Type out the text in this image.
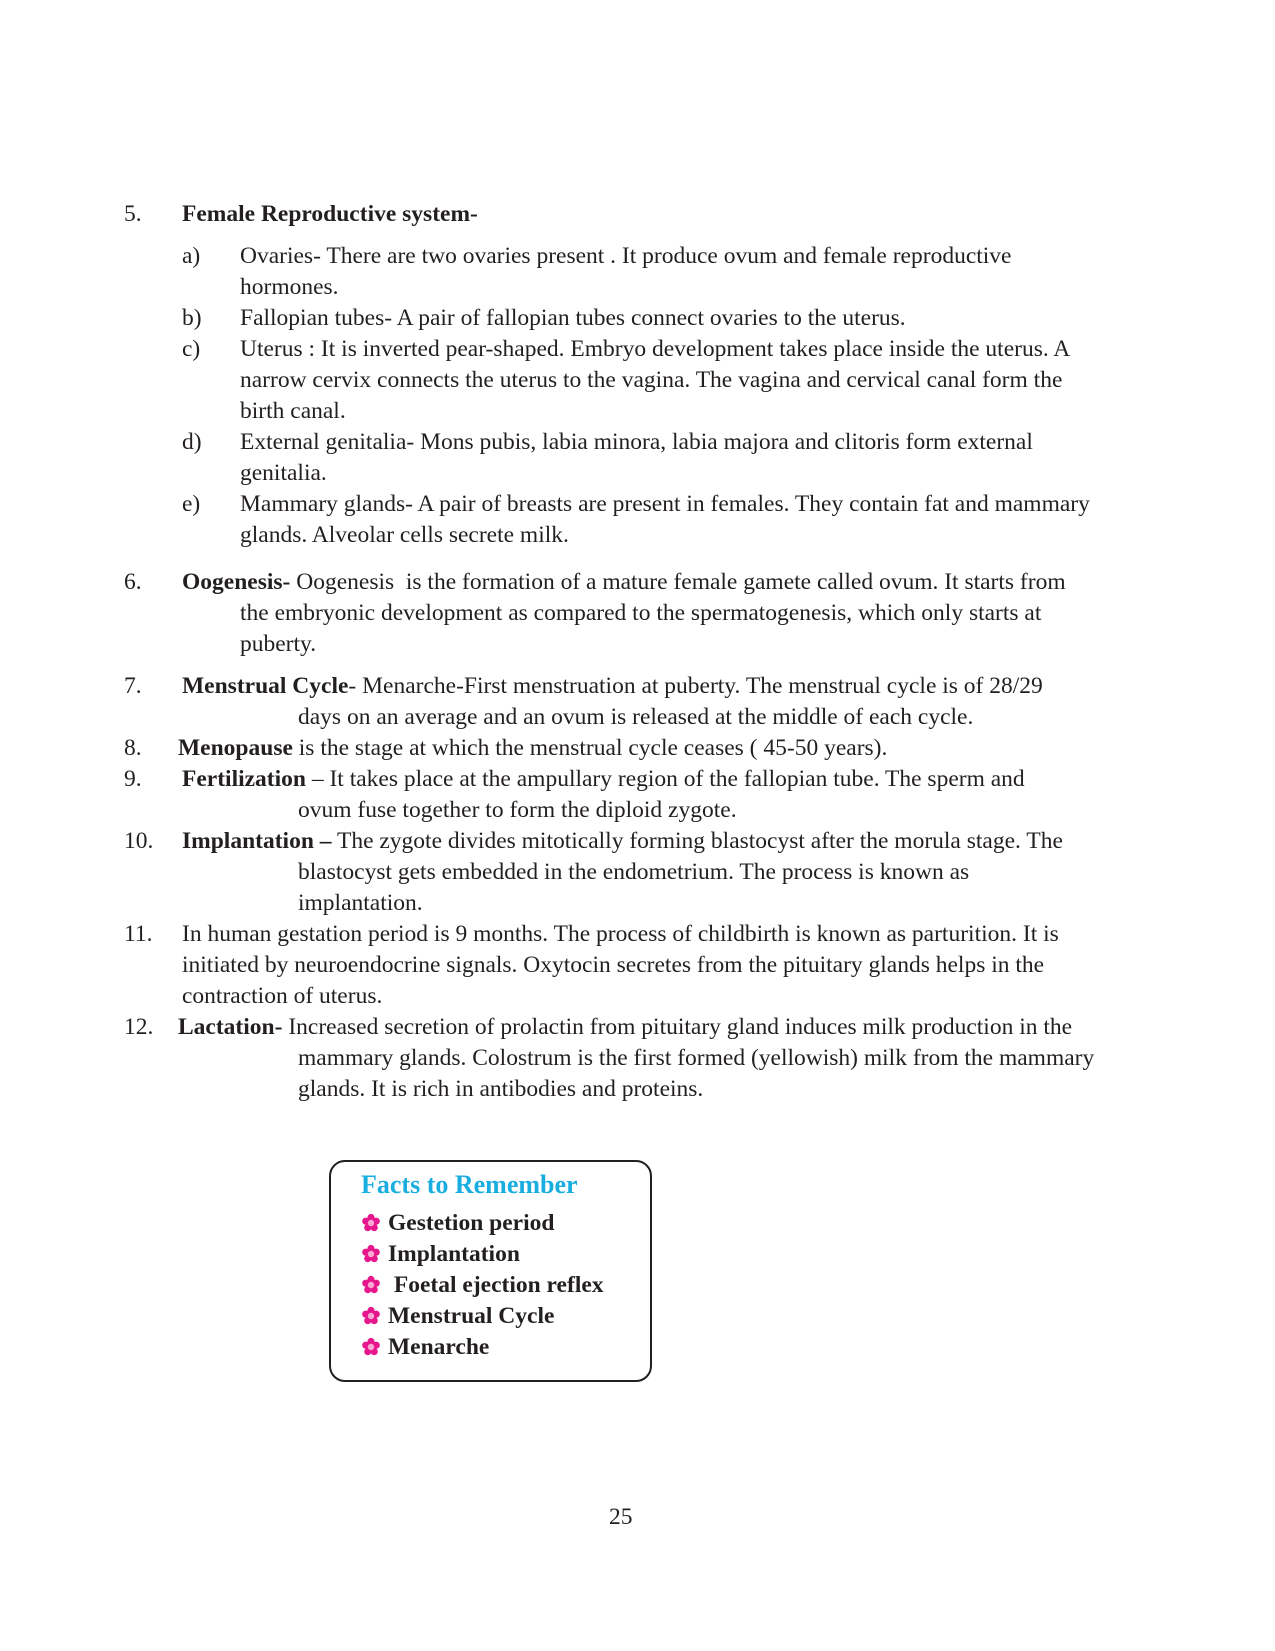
5. Female Reproductive system-
a) Ovaries- There are two ovaries present . It produce ovum and female reproductive
hormones.
b) Fallopian tubes- A pair of fallopian tubes connect ovaries to the uterus.
c) Uterus : It is inverted pear-shaped. Embryo development takes place inside the uterus. A
narrow cervix connects the uterus to the vagina. The vagina and cervical canal form the
birth canal.
d) External genitalia- Mons pubis, labia minora, labia majora and clitoris form external
genitalia.
e) Mammary glands- A pair of breasts are present in females. They contain fat and mammary
glands. Alveolar cells secrete milk.
6. Oogenesis- Oogenesis  is the formation of a mature female gamete called ovum. It starts from
the embryonic development as compared to the spermatogenesis, which only starts at
puberty.
7. Menstrual Cycle- Menarche-First menstruation at puberty. The menstrual cycle is of 28/29
days on an average and an ovum is released at the middle of each cycle.
8. Menopause is the stage at which the menstrual cycle ceases ( 45-50 years).
9. Fertilization – It takes place at the ampullary region of the fallopian tube. The sperm and
ovum fuse together to form the diploid zygote.
10. Implantation – The zygote divides mitotically forming blastocyst after the morula stage. The
blastocyst gets embedded in the endometrium. The process is known as
implantation.
11. In human gestation period is 9 months. The process of childbirth is known as parturition. It is
initiated by neuroendocrine signals. Oxytocin secretes from the pituitary glands helps in the
contraction of uterus.
12. Lactation- Increased secretion of prolactin from pituitary gland induces milk production in the
mammary glands. Colostrum is the first formed (yellowish) milk from the mammary
glands. It is rich in antibodies and proteins.
Facts to Remember
Gestetion period
Implantation
Foetal ejection reflex
Menstrual Cycle
Menarche
25
